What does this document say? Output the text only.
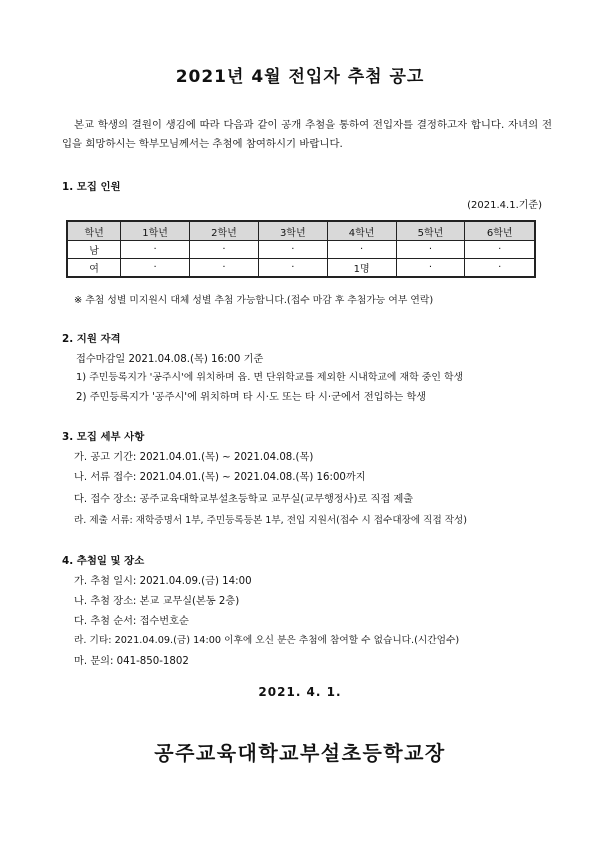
2021년 4월 전입자 추첨 공고
본교 학생의 결원이 생김에 따라 다음과 같이 공개 추첨을 통하여 전입자를 결정하고자 합니다. 자녀의 전입을 희망하시는 학부모님께서는 추첨에 참여하시기 바랍니다.
1. 모집 인원
(2021.4.1.기준)
학년	1학년	2학년	3학년	4학년	5학년	6학년
남	·	·	·	·	·	·
여	·	·	·	1명	·	·
※ 추첨 성별 미지원시 대체 성별 추첨 가능합니다.(접수 마감 후 추첨가능 여부 연락)
2. 지원 자격
접수마감일 2021.04.08.(목) 16:00 기준
1) 주민등록지가 '공주시'에 위치하며 읍. 면 단위학교를 제외한 시내학교에 재학 중인 학생
2) 주민등록지가 '공주시'에 위치하며 타 시·도 또는 타 시·군에서 전입하는 학생
3. 모집 세부 사항
가. 공고 기간: 2021.04.01.(목) ~ 2021.04.08.(목)
나. 서류 접수: 2021.04.01.(목) ~ 2021.04.08.(목) 16:00까지
다. 접수 장소: 공주교육대학교부설초등학교 교무실(교무행정사)로 직접 제출
라. 제출 서류: 재학증명서 1부, 주민등록등본 1부, 전입 지원서(접수 시 접수대장에 직접 작성)
4. 추첨일 및 장소
가. 추첨 일시: 2021.04.09.(금) 14:00
나. 추첨 장소: 본교 교무실(본동 2층)
다. 추첨 순서: 접수번호순
라. 기타: 2021.04.09.(금) 14:00 이후에 오신 분은 추첨에 참여할 수 없습니다.(시간엄수)
마. 문의: 041-850-1802
2021. 4. 1.
공주교육대학교부설초등학교장
